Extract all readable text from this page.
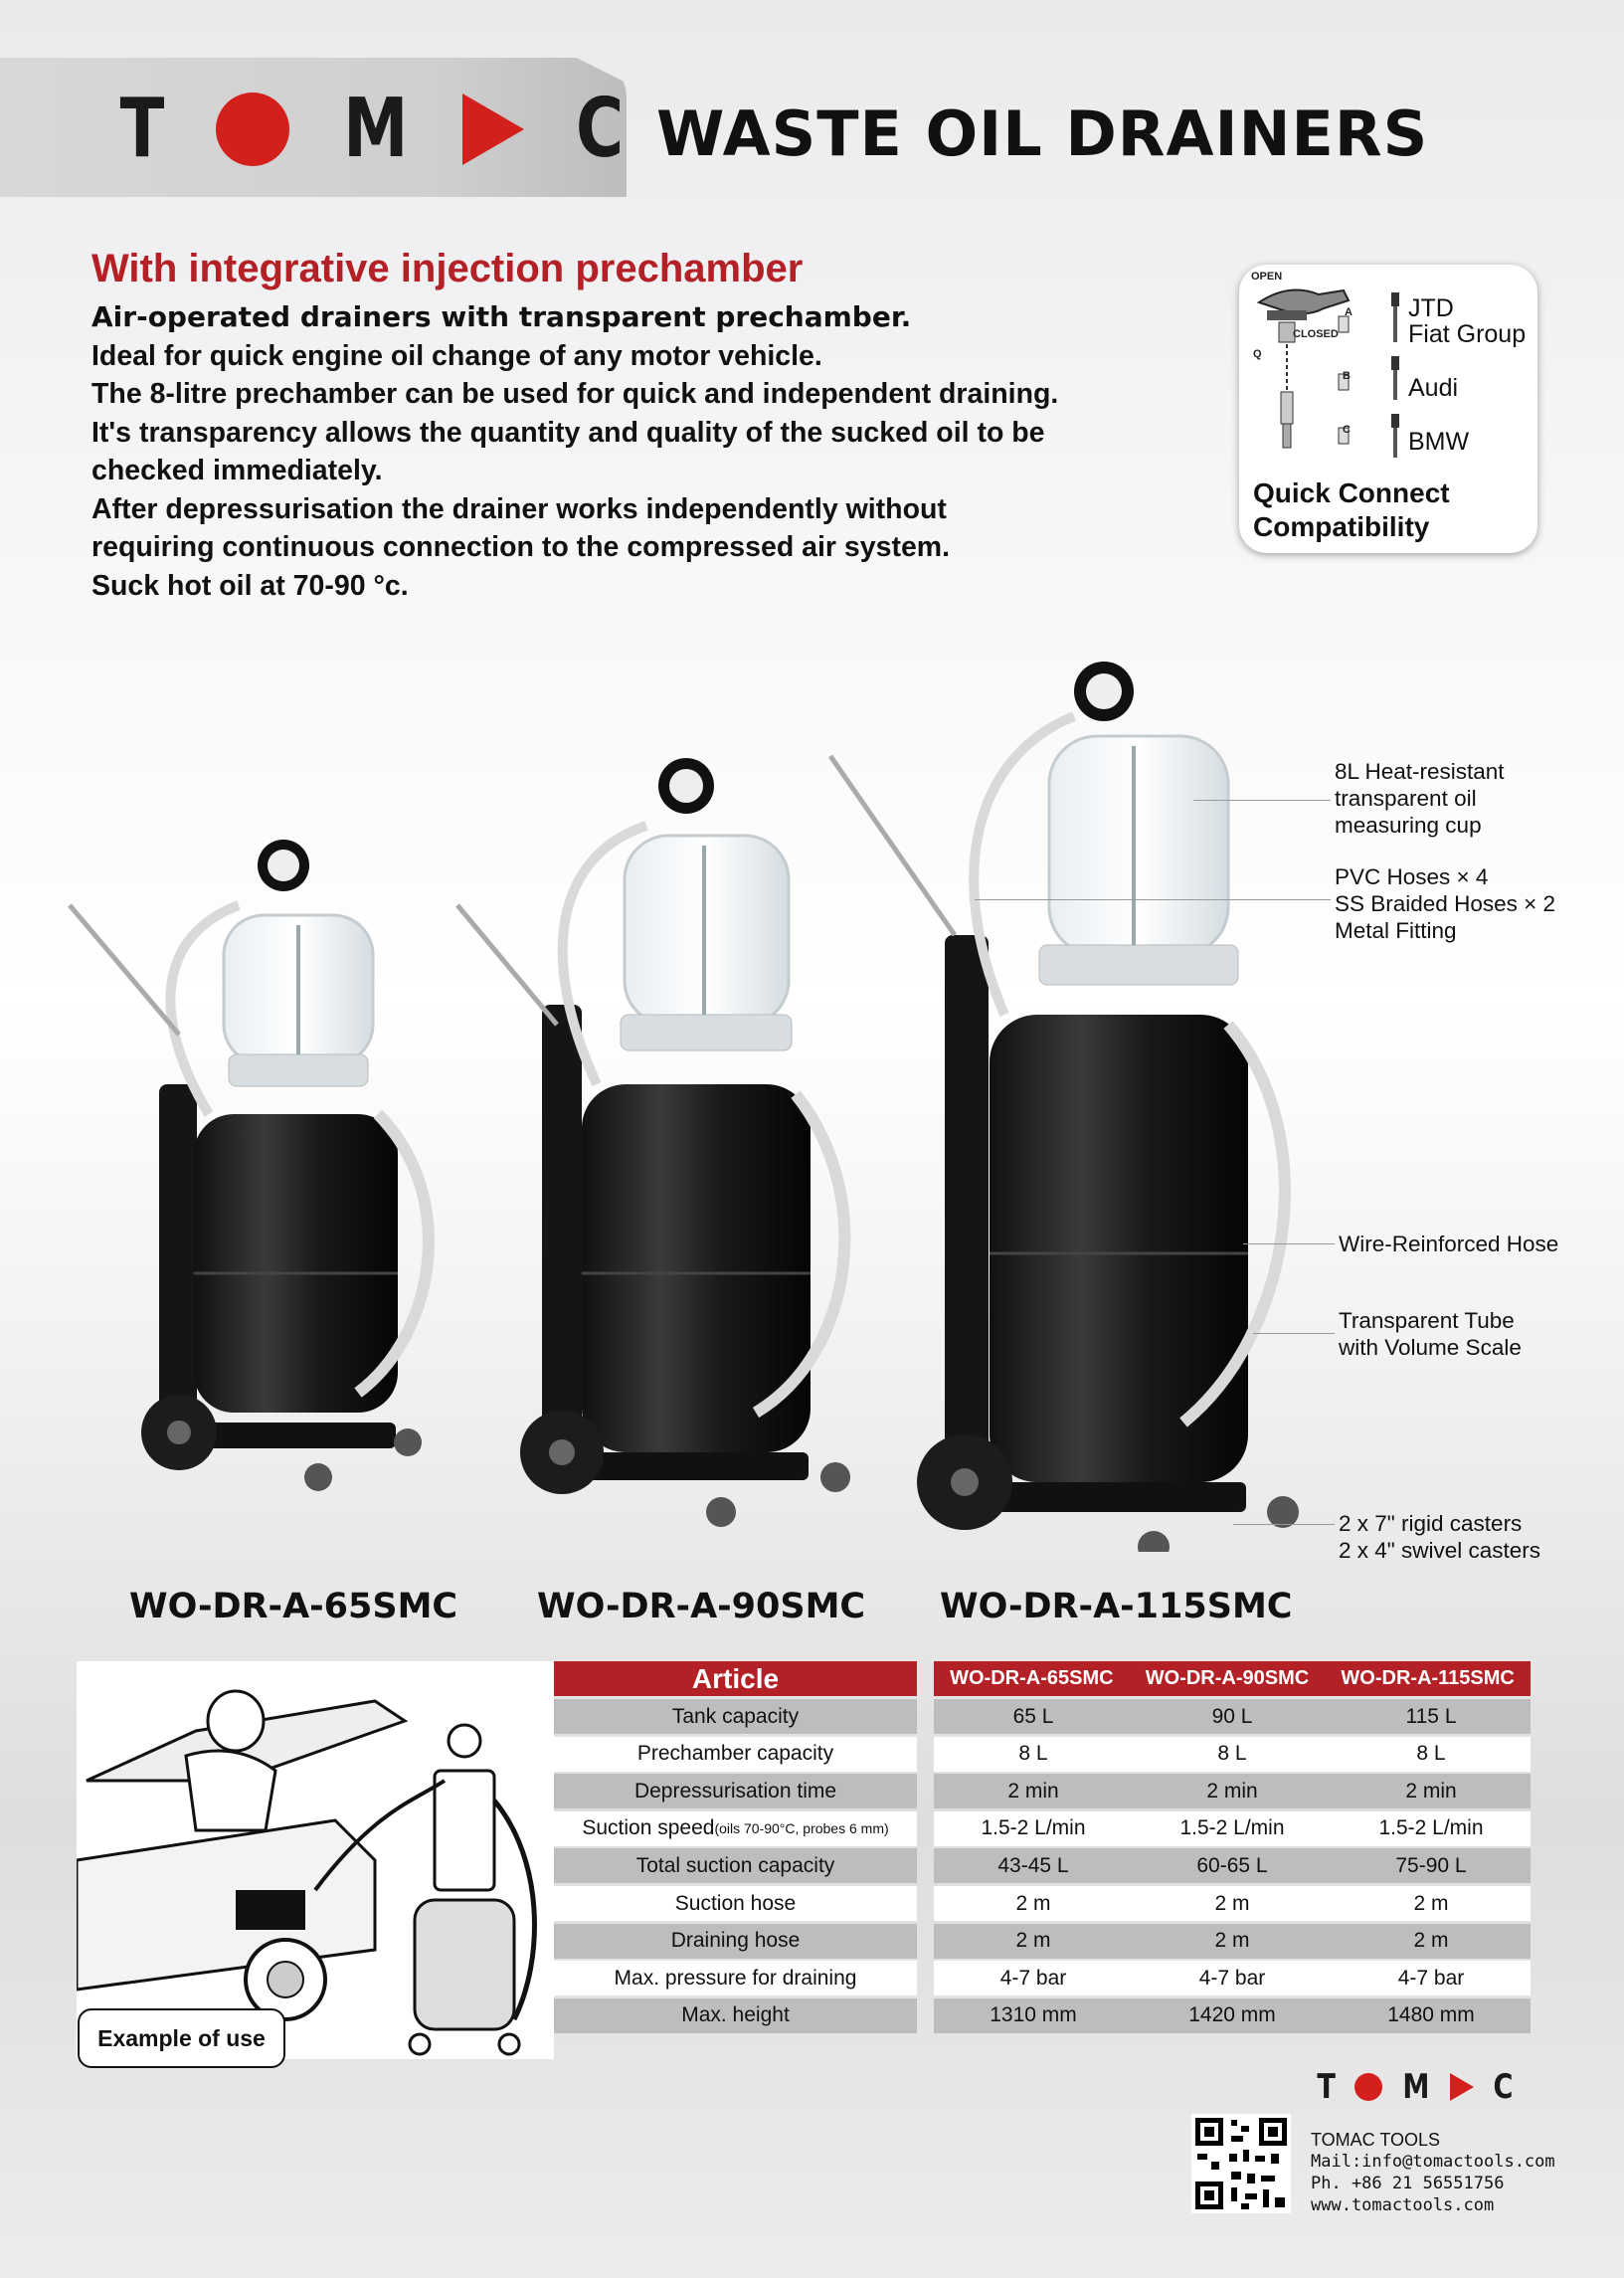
T M C WASTE OIL DRAINERS
With integrative injection prechamber
Air-operated drainers with transparent prechamber.
Ideal for quick engine oil change of any motor vehicle.
The 8-litre prechamber can be used for quick and independent draining.
It's transparency allows the quantity and quality of the sucked oil to be
checked immediately.
After depressurisation the drainer works independently without
requiring continuous connection to the compressed air system.
Suck hot oil at 70-90 °c.
OPEN
CLOSED
Q
A
B
C
JTD
Fiat Group
Audi
BMW
Quick Connect
Compatibility
8L Heat-resistant
transparent oil
measuring cup
PVC Hoses × 4
SS Braided Hoses × 2
Metal Fitting
Wire-Reinforced Hose
Transparent Tube
with Volume Scale
2 x 7" rigid casters
2 x 4" swivel casters
WO-DR-A-65SMC WO-DR-A-90SMC WO-DR-A-115SMC
Example of use
Article	WO-DR-A-65SMC WO-DR-A-90SMC WO-DR-A-115SMC
Tank capacity	65 L	90 L	115 L
Prechamber capacity	8 L	8 L	8 L
Depressurisation time	2 min	2 min	2 min
Suction speed (oils 70-90°C, probes 6 mm)	1.5-2 L/min	1.5-2 L/min	1.5-2 L/min
Total suction capacity	43-45 L	60-65 L	75-90 L
Suction hose	2 m	2 m	2 m
Draining hose	2 m	2 m	2 m
Max. pressure for draining	4-7 bar	4-7 bar	4-7 bar
Max. height	1310 mm	1420 mm	1480 mm
T M C
TOMAC TOOLS
Mail:info@tomactools.com
Ph. +86 21 56551756
www.tomactools.com
